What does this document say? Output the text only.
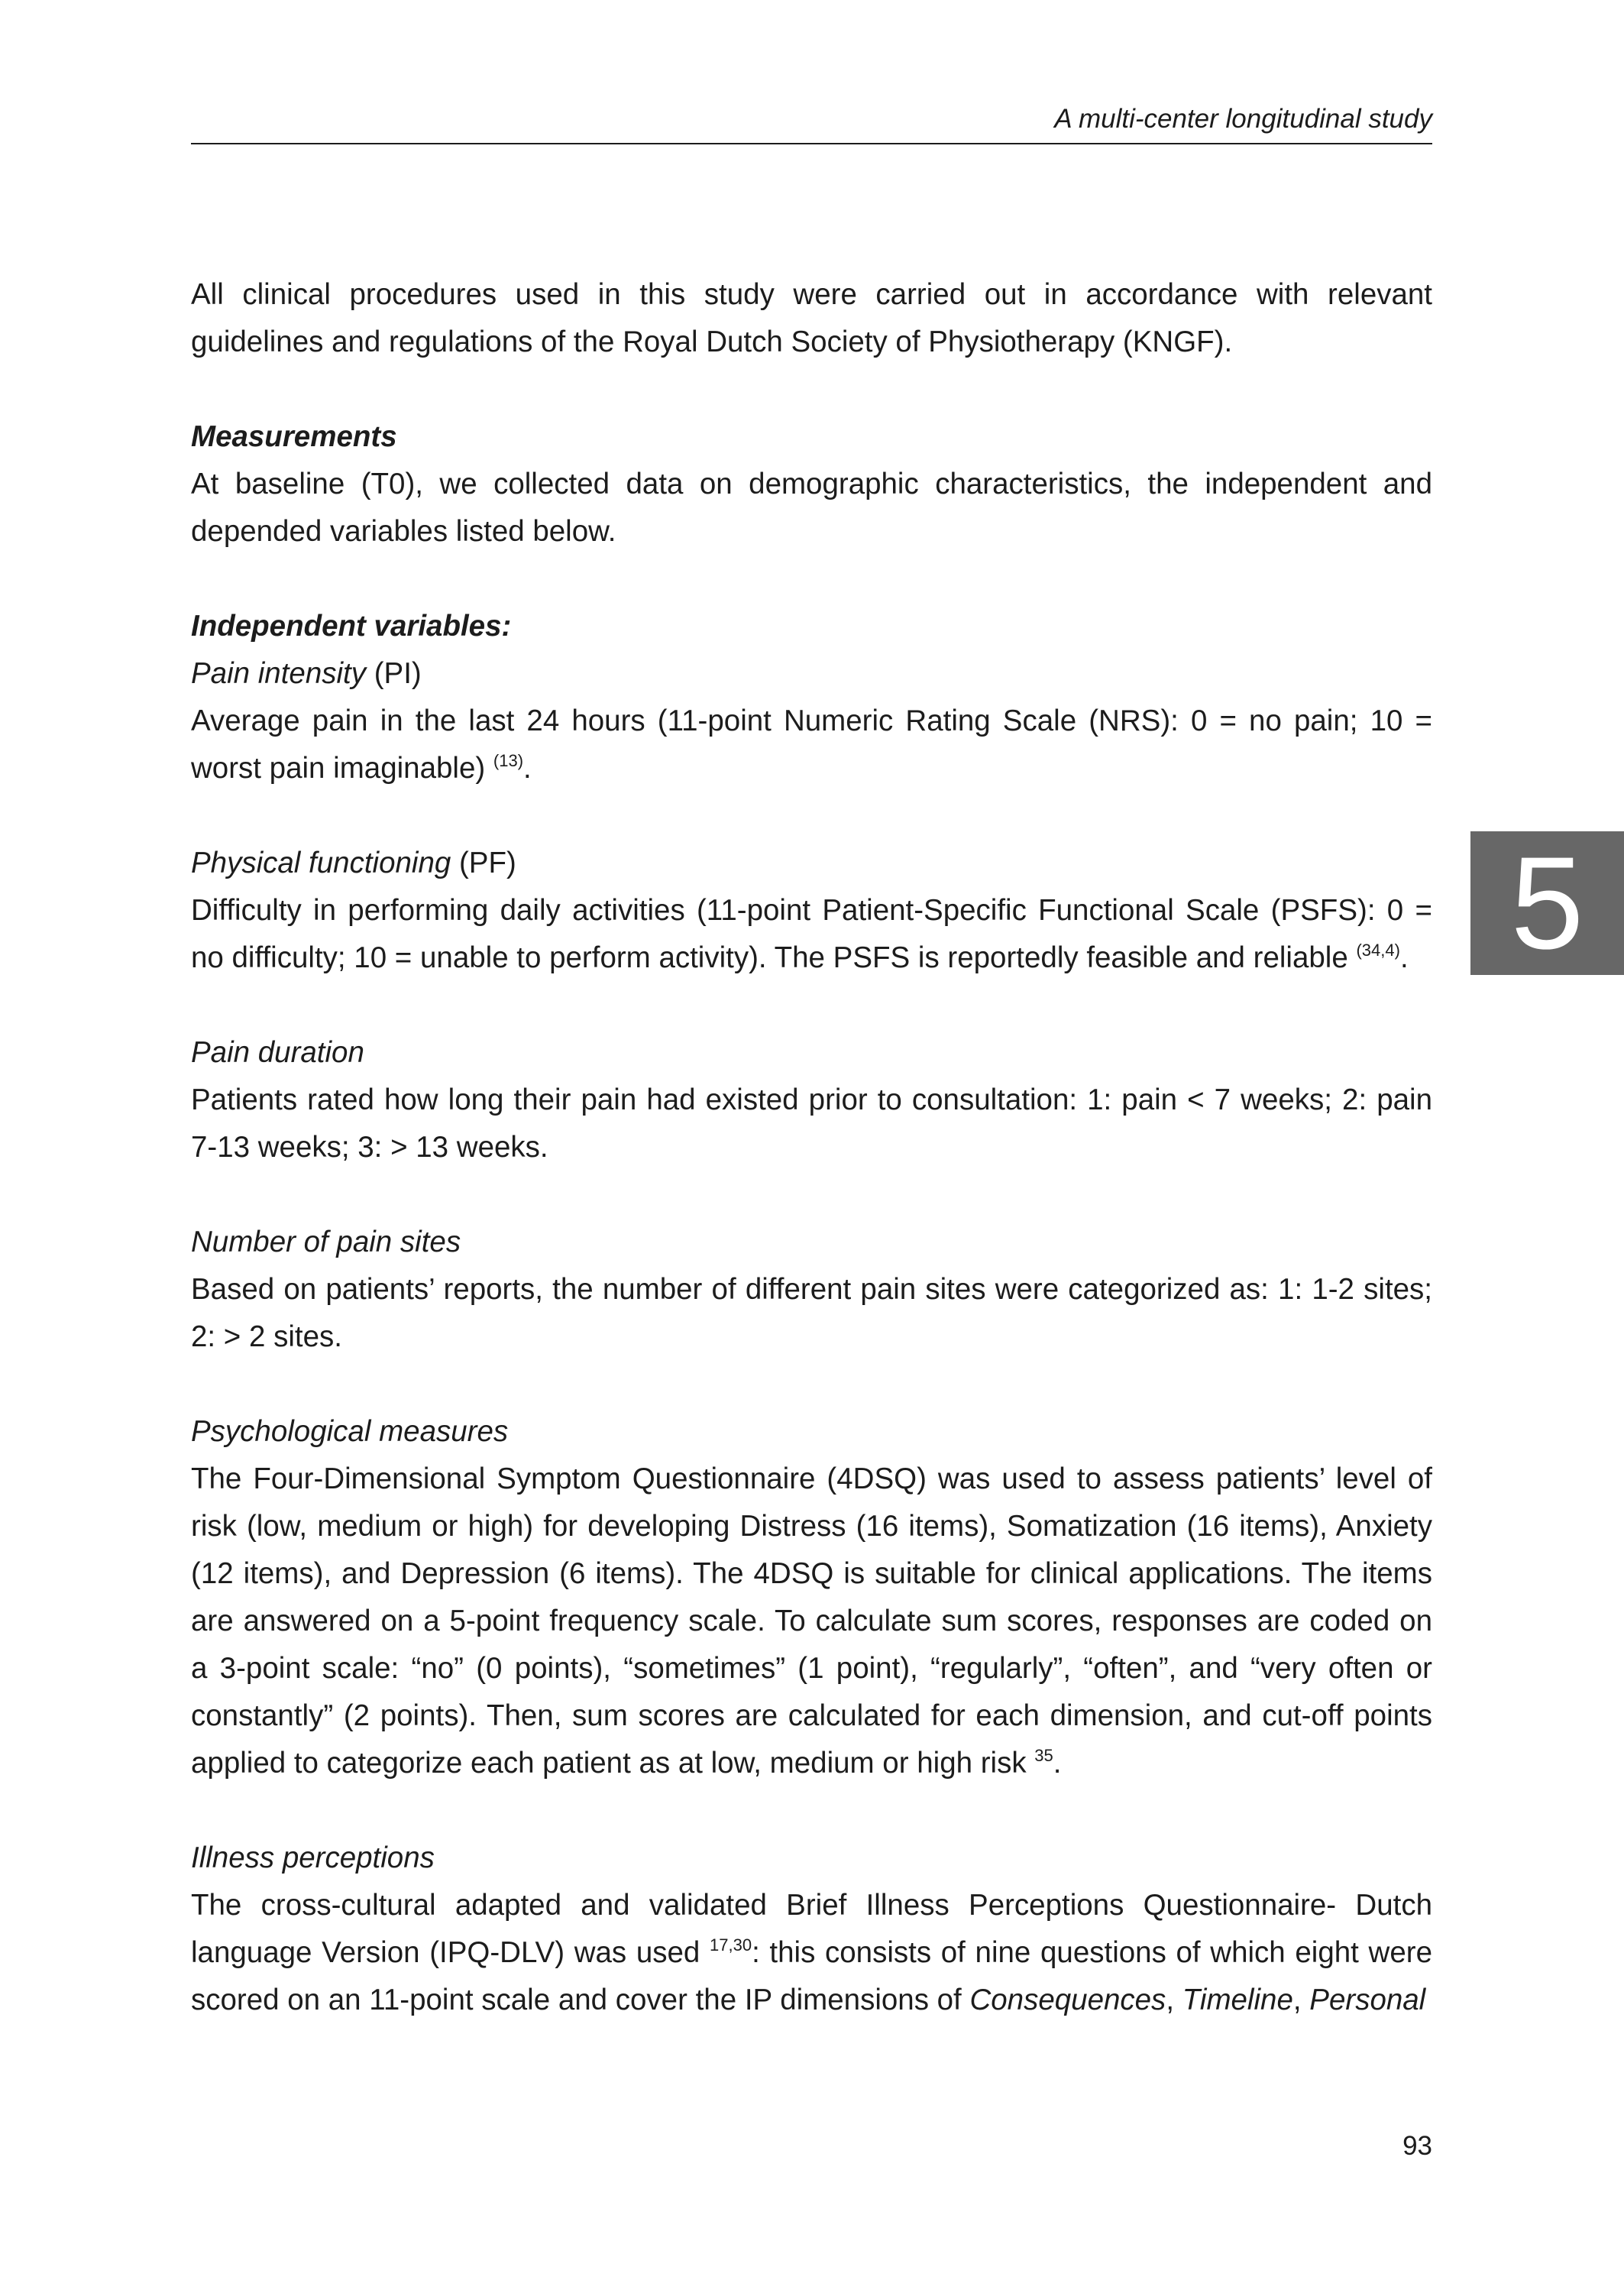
A multi-center longitudinal study
5

All clinical procedures used in this study were carried out in accordance with relevant guidelines and regulations of the Royal Dutch Society of Physiotherapy (KNGF).

Measurements

At baseline (T0), we collected data on demographic characteristics, the independent and depended variables listed below.

Independent variables:

Pain intensity (PI)

Average pain in the last 24 hours (11-point Numeric Rating Scale (NRS): 0 = no pain; 10 = worst pain imaginable) $^{(13)}$.

Physical functioning (PF)

Difficulty in performing daily activities (11-point Patient-Specific Functional Scale (PSFS): 0 = no difficulty; 10 = unable to perform activity). The PSFS is reportedly feasible and reliable $^{(34,4)}$.

Pain duration

Patients rated how long their pain had existed prior to consultation: 1: pain < 7 weeks; 2: pain 7-13 weeks; 3: > 13 weeks.

Number of pain sites

Based on patients’ reports, the number of different pain sites were categorized as: 1: 1-2 sites; 2: > 2 sites.

Psychological measures

The Four-Dimensional Symptom Questionnaire (4DSQ) was used to assess patients’ level of risk (low, medium or high) for developing Distress (16 items), Somatization (16 items), Anxiety (12 items), and Depression (6 items). The 4DSQ is suitable for clinical applications. The items are answered on a 5-point frequency scale. To calculate sum scores, responses are coded on a 3-point scale: “no” (0 points), “sometimes” (1 point), “regularly”, “often”, and “very often or constantly” (2 points). Then, sum scores are calculated for each dimension, and cut-off points applied to categorize each patient as at low, medium or high risk $^{35}$.

Illness perceptions

The cross-cultural adapted and validated Brief Illness Perceptions Questionnaire- Dutch language Version (IPQ-DLV) was used $^{17,30}$: this consists of nine questions of which eight were scored on an 11-point scale and cover the IP dimensions of Consequences, Timeline, Personal

93
